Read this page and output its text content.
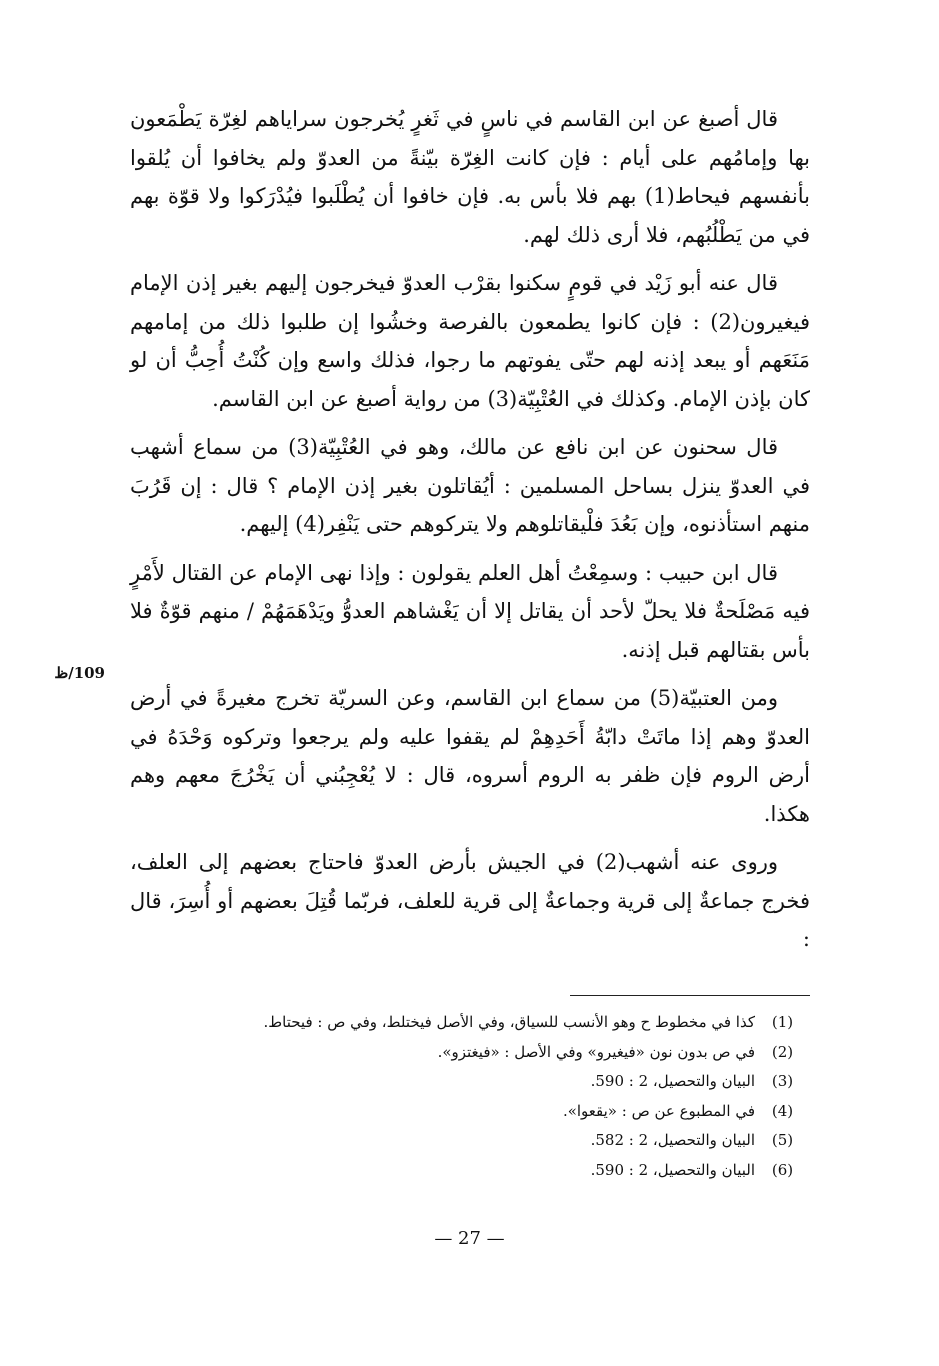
قال أصبغ عن ابن القاسم في ناسٍ في ثَغرٍ يُخرجون سراياهم لغِرّة يَطْمَعون بها وإمامُهم على أيام : فإن كانت الغِرّة بيّنةً من العدوّ ولم يخافوا أن يُلقوا بأنفسهم فيحاط(1) بهم فلا بأس به. فإن خافوا أن يُطْلَبوا فيُدْرَكوا ولا قوّة بهم في من يَطْلُبُهم، فلا أرى ذلك لهم.

قال عنه أبو زَيْد في قومٍ سكنوا بقرْب العدوّ فيخرجون إليهم بغير إذن الإمام فيغيرون(2) : فإن كانوا يطمعون بالفرصة وخشُوا إن طلبوا ذلك من إمامهم مَنَعَهم أو يبعد إذنه لهم حتّى يفوتهم ما رجوا، فذلك واسع وإن كُنْتُ أُحِبُّ أن لو كان بإذن الإمام. وكذلك في العُتْبِيّة(3) من رواية أصبغ عن ابن القاسم.

قال سحنون عن ابن نافع عن مالك، وهو في العُتْبِيّة(3) من سماع أشهب في العدوّ ينزل بساحل المسلمين : أيُقاتلون بغير إذن الإمام ؟ قال : إن قَرُبَ منهم استأذنوه، وإن بَعُدَ فلْيقاتلوهم ولا يتركوهم حتى يَنْفِر(4) إليهم.

قال ابن حبيب : وسمِعْتُ أهل العلم يقولون : وإذا نهى الإمام عن القتال لأَمْرٍ فيه مَصْلَحةٌ فلا يحلّ لأحد أن يقاتل إلا أن يَغْشاهم العدوُّ ويَدْهَمَهُمْ / منهم قوّةٌ فلا بأس بقتالهم قبل إذنه.

ومن العتبيّة(5) من سماع ابن القاسم، وعن السريّة تخرج مغيرةً في أرض العدوّ وهم إذا ماتَتْ دابّةُ أَحَدِهِمْ لم يقفوا عليه ولم يرجعوا وتركوه وَحْدَهُ في أرض الروم فإن ظفر به الروم أسروه، قال : لا يُعْجِبُني أن يَخْرُجَ معهم وهم هكذا.

وروى عنه أشهب(2) في الجيش بأرض العدوّ فاحتاج بعضهم إلى العلف، فخرج جماعةٌ إلى قرية وجماعةٌ إلى قرية للعلف، فربّما قُتِلَ بعضهم أو أُسِرَ، قال :

109/ظ
(1)
كذا في مخطوط ح وهو الأنسب للسياق، وفي الأصل فيختلط، وفي ص : فيحتاط.
(2)
في ص بدون نون «فيغيرو» وفي الأصل : «فيغتزو».
(3)
البيان والتحصيل، 2 : 590.
(4)
في المطبوع عن ص : «يقعوا».
(5)
البيان والتحصيل، 2 : 582.
(6)
البيان والتحصيل، 2 : 590.
— 27 —
